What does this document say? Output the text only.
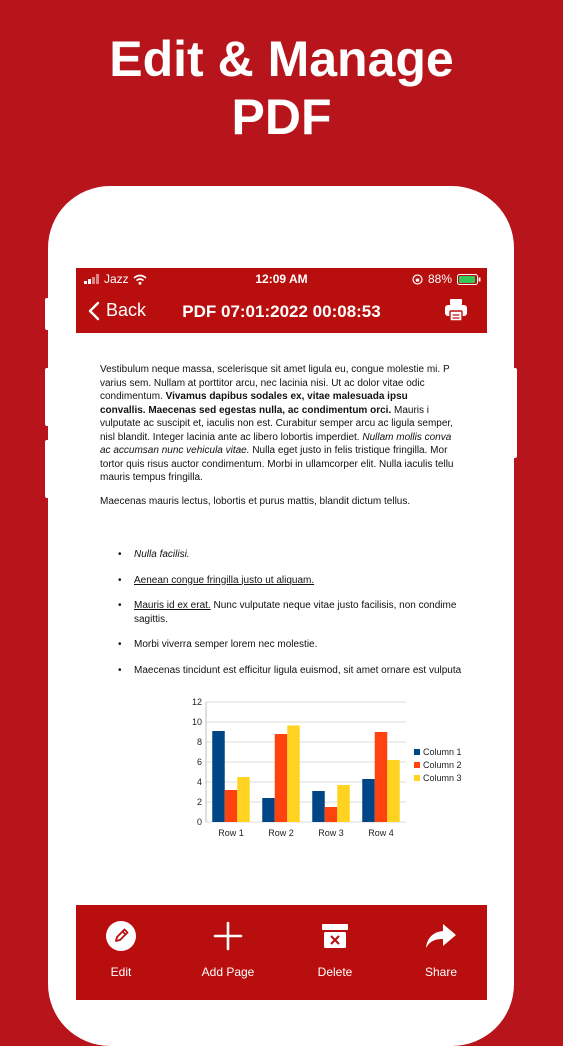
Edit & Manage
PDF
Jazz	12:09 AM	88%
Back	PDF 07:01:2022 00:08:53

Vestibulum neque massa, scelerisque sit amet ligula eu, congue molestie mi. P
varius sem. Nullam at porttitor arcu, nec lacinia nisi. Ut ac dolor vitae odic
condimentum. Vivamus dapibus sodales ex, vitae malesuada ipsu
convallis. Maecenas sed egestas nulla, ac condimentum orci. Mauris i
vulputate ac suscipit et, iaculis non est. Curabitur semper arcu ac ligula semper,
nisl blandit. Integer lacinia ante ac libero lobortis imperdiet. Nullam mollis conva
ac accumsan nunc vehicula vitae. Nulla eget justo in felis tristique fringilla. Mor
tortor quis risus auctor condimentum. Morbi in ullamcorper elit. Nulla iaculis tellu
mauris tempus fringilla.

Maecenas mauris lectus, lobortis et purus mattis, blandit dictum tellus.

• Nulla facilisi.
• Aenean congue fringilla justo ut aliquam.
• Mauris id ex erat. Nunc vulputate neque vitae justo facilisis, non condime
sagittis.
• Morbi viverra semper lorem nec molestie.
• Maecenas tincidunt est efficitur ligula euismod, sit amet ornare est vulputa
0
2
4
6
8
10
12
Row 1	Row 2	Row 3	Row 4
Column 1
Column 2
Column 3
Edit	Add Page	Delete	Share
